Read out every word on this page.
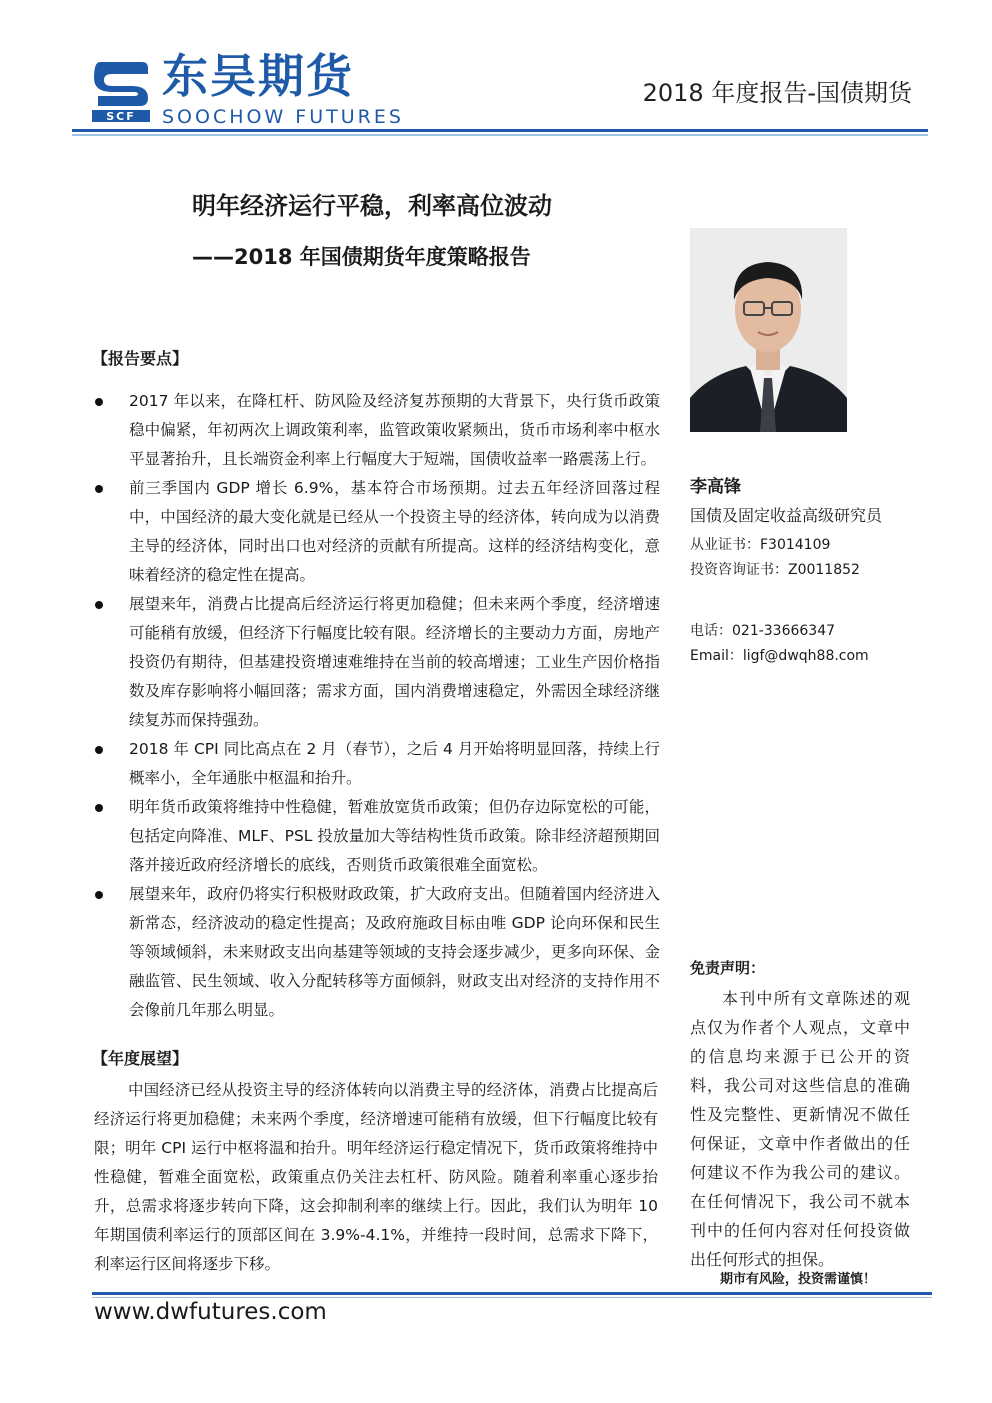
SCF
东吴期货
SOOCHOW FUTURES
2018 年度报告-国债期货
明年经济运行平稳，利率高位波动
——2018 年国债期货年度策略报告
【报告要点】
2017 年以来，在降杠杆、防风险及经济复苏预期的大背景下，央行货币政策稳中偏紧，年初两次上调政策利率，监管政策收紧频出，货币市场利率中枢水平显著抬升，且长端资金利率上行幅度大于短端，国债收益率一路震荡上行。
前三季国内 GDP 增长 6.9%，基本符合市场预期。过去五年经济回落过程中，中国经济的最大变化就是已经从一个投资主导的经济体，转向成为以消费主导的经济体，同时出口也对经济的贡献有所提高。这样的经济结构变化，意味着经济的稳定性在提高。
展望来年，消费占比提高后经济运行将更加稳健；但未来两个季度，经济增速可能稍有放缓，但经济下行幅度比较有限。经济增长的主要动力方面，房地产投资仍有期待，但基建投资增速难维持在当前的较高增速；工业生产因价格指数及库存影响将小幅回落；需求方面，国内消费增速稳定，外需因全球经济继续复苏而保持强劲。
2018 年 CPI 同比高点在 2 月（春节），之后 4 月开始将明显回落，持续上行概率小，全年通胀中枢温和抬升。
明年货币政策将维持中性稳健，暂难放宽货币政策；但仍存边际宽松的可能，包括定向降准、MLF、PSL 投放量加大等结构性货币政策。除非经济超预期回落并接近政府经济增长的底线，否则货币政策很难全面宽松。
展望来年，政府仍将实行积极财政政策，扩大政府支出。但随着国内经济进入新常态，经济波动的稳定性提高；及政府施政目标由唯 GDP 论向环保和民生等领域倾斜，未来财政支出向基建等领域的支持会逐步减少，更多向环保、金融监管、民生领域、收入分配转移等方面倾斜，财政支出对经济的支持作用不会像前几年那么明显。
【年度展望】
中国经济已经从投资主导的经济体转向以消费主导的经济体，消费占比提高后经济运行将更加稳健；未来两个季度，经济增速可能稍有放缓，但下行幅度比较有限；明年 CPI 运行中枢将温和抬升。明年经济运行稳定情况下，货币政策将维持中性稳健，暂难全面宽松，政策重点仍关注去杠杆、防风险。随着利率重心逐步抬升，总需求将逐步转向下降，这会抑制利率的继续上行。因此，我们认为明年 10 年期国债利率运行的顶部区间在 3.9%-4.1%，并维持一段时间，总需求下降下，利率运行区间将逐步下移。
李高锋
国债及固定收益高级研究员
从业证书：F3014109
投资咨询证书：Z0011852
电话：021-33666347
Email：ligf@dwqh88.com
免责声明：
本刊中所有文章陈述的观点仅为作者个人观点，文章中的信息均来源于已公开的资料，我公司对这些信息的准确性及完整性、更新情况不做任何保证，文章中作者做出的任何建议不作为我公司的建议。在任何情况下，我公司不就本刊中的任何内容对任何投资做出任何形式的担保。
期市有风险，投资需谨慎！
www.dwfutures.com
